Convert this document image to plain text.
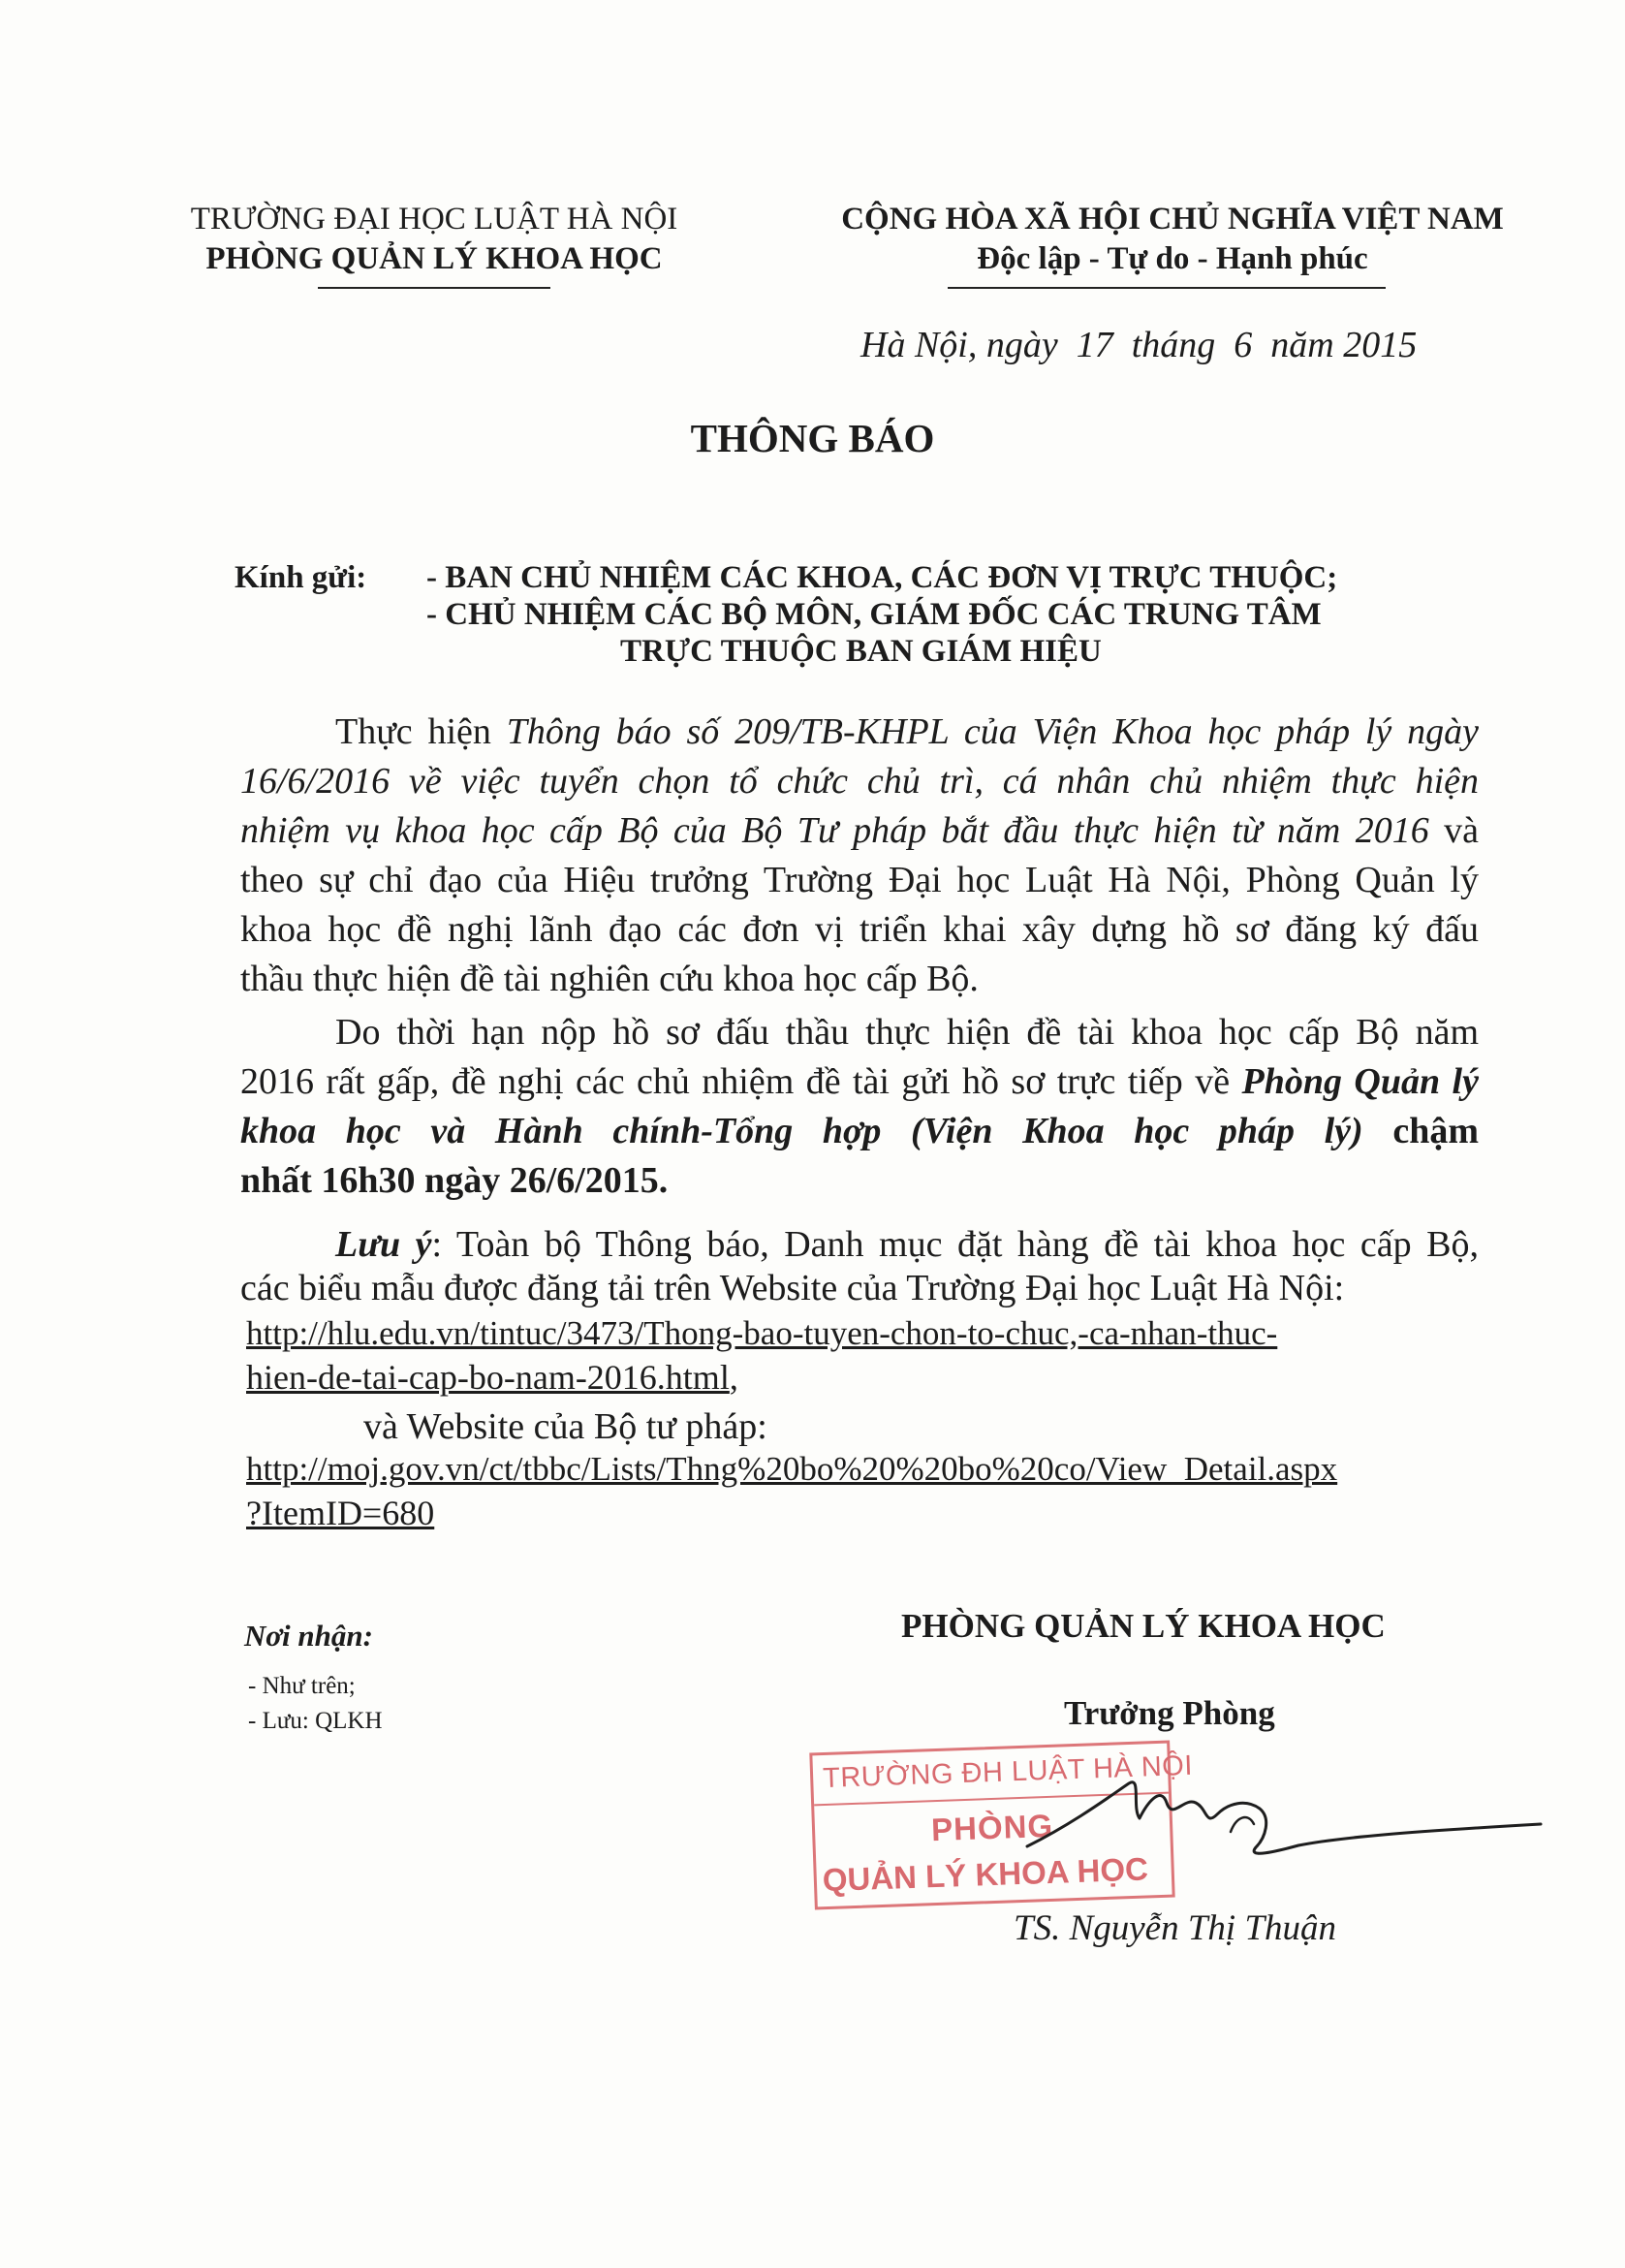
TRƯỜNG ĐẠI HỌC LUẬT HÀ NỘI
PHÒNG QUẢN LÝ KHOA HỌC
CỘNG HÒA XÃ HỘI CHỦ NGHĨA VIỆT NAM
Độc lập - Tự do - Hạnh phúc
Hà Nội, ngày  17  tháng  6  năm 2015
THÔNG BÁO
Kính gửi: - BAN CHỦ NHIỆM CÁC KHOA, CÁC ĐƠN VỊ TRỰC THUỘC;
- CHỦ NHIỆM CÁC BỘ MÔN, GIÁM ĐỐC CÁC TRUNG TÂM
TRỰC THUỘC BAN GIÁM HIỆU
Thực hiện Thông báo số 209/TB-KHPL của Viện Khoa học pháp lý ngày
16/6/2016 về việc tuyển chọn tổ chức chủ trì, cá nhân chủ nhiệm thực hiện
nhiệm vụ khoa học cấp Bộ của Bộ Tư pháp bắt đầu thực hiện từ năm 2016 và
theo sự chỉ đạo của Hiệu trưởng Trường Đại học Luật Hà Nội, Phòng Quản lý
khoa học đề nghị lãnh đạo các đơn vị triển khai xây dựng hồ sơ đăng ký đấu
thầu thực hiện đề tài nghiên cứu khoa học cấp Bộ.
Do thời hạn nộp hồ sơ đấu thầu thực hiện đề tài khoa học cấp Bộ năm
2016 rất gấp, đề nghị các chủ nhiệm đề tài gửi hồ sơ trực tiếp về Phòng Quản lý
khoa học và Hành chính-Tổng hợp (Viện Khoa học pháp lý) chậm
nhất 16h30 ngày 26/6/2015.
Lưu ý: Toàn bộ Thông báo, Danh mục đặt hàng đề tài khoa học cấp Bộ,
các biểu mẫu được đăng tải trên Website của Trường Đại học Luật Hà Nội:
http://hlu.edu.vn/tintuc/3473/Thong-bao-tuyen-chon-to-chuc,-ca-nhan-thuc-
hien-de-tai-cap-bo-nam-2016.html,
và Website của Bộ tư pháp:
http://moj.gov.vn/ct/tbbc/Lists/Thng%20bo%20%20bo%20co/View_Detail.aspx
?ItemID=680
Nơi nhận:
- Như trên;
- Lưu: QLKH
PHÒNG QUẢN LÝ KHOA HỌC
Trưởng Phòng
TRƯỜNG ĐH LUẬT HÀ NỘI
PHÒNG
QUẢN LÝ KHOA HỌC
TS. Nguyễn Thị Thuận
